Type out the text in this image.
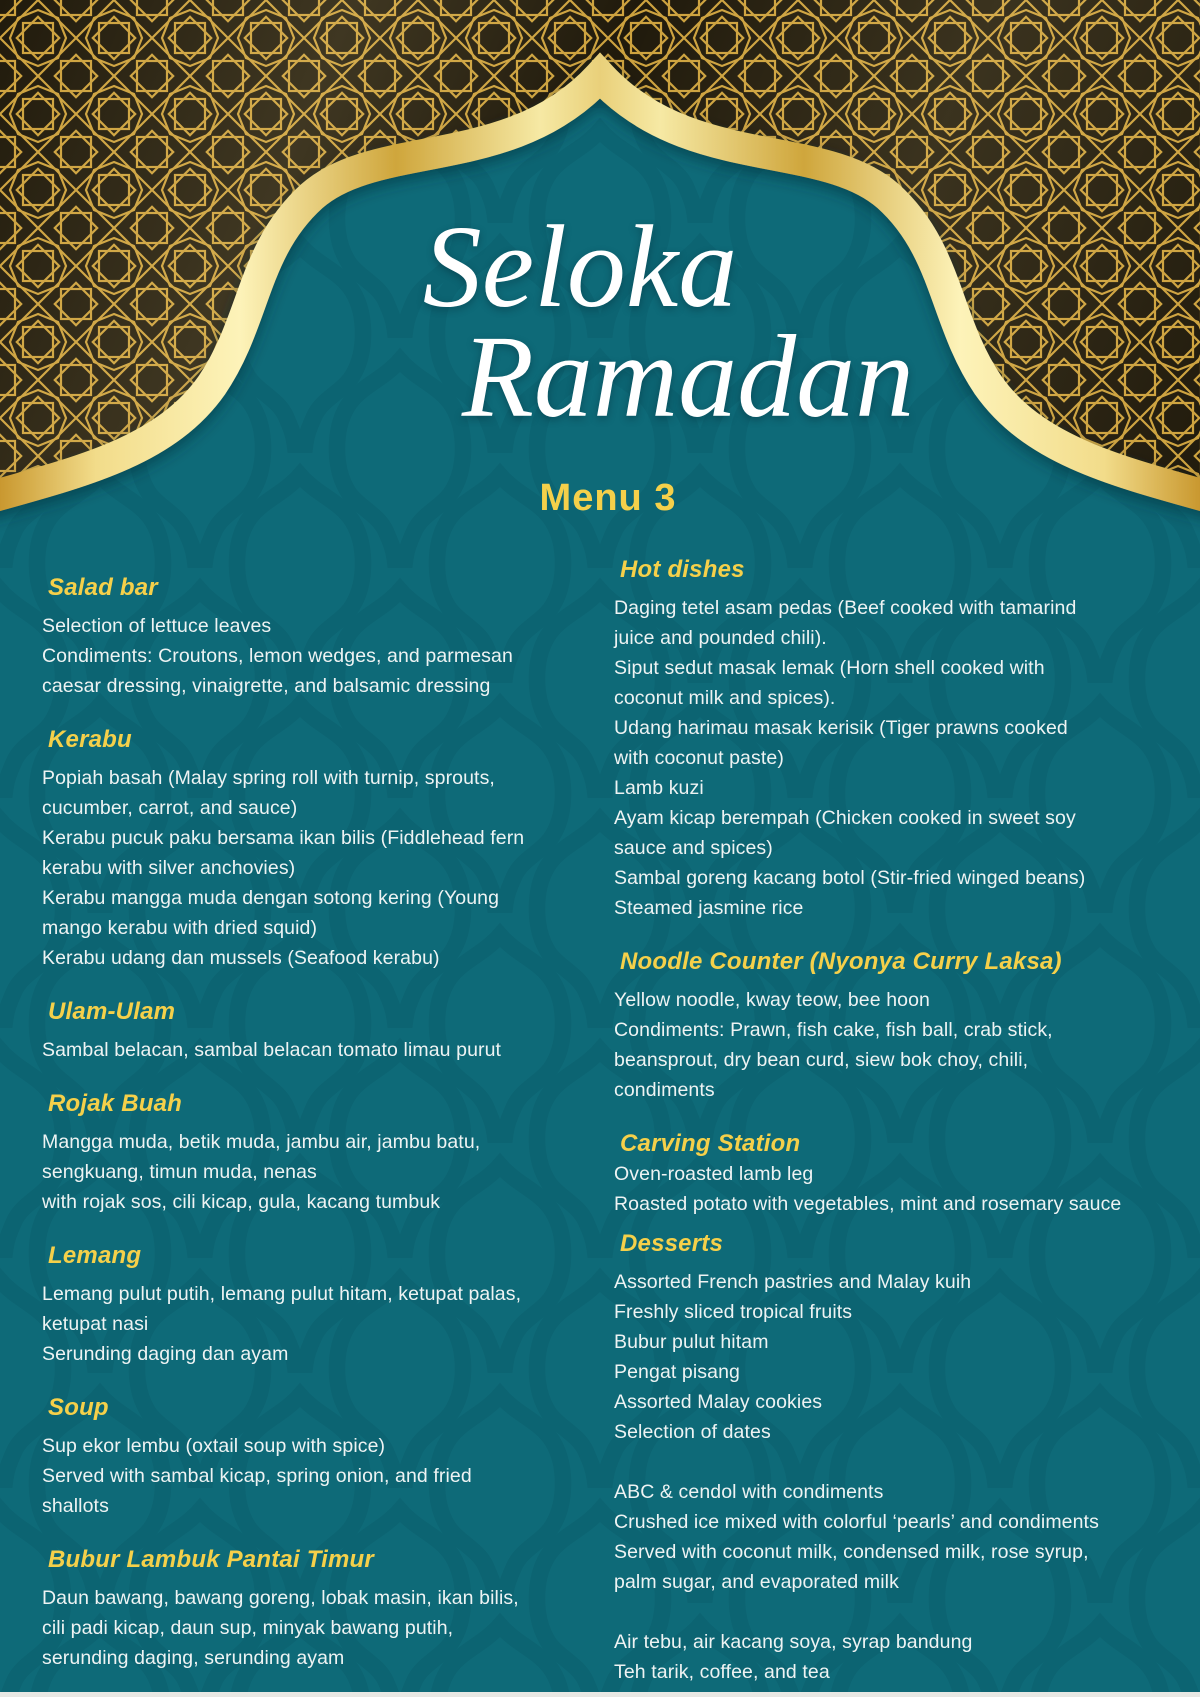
Seloka
Ramadan
Menu 3
Salad bar
Selection of lettuce leaves
Condiments: Croutons, lemon wedges, and parmesan
caesar dressing, vinaigrette, and balsamic dressing
Kerabu
Popiah basah (Malay spring roll with turnip, sprouts,
cucumber, carrot, and sauce)
Kerabu pucuk paku bersama ikan bilis (Fiddlehead fern
kerabu with silver anchovies)
Kerabu mangga muda dengan sotong kering (Young
mango kerabu with dried squid)
Kerabu udang dan mussels (Seafood kerabu)
Ulam-Ulam
Sambal belacan, sambal belacan tomato limau purut
Rojak Buah
Mangga muda, betik muda, jambu air, jambu batu,
sengkuang, timun muda, nenas
with rojak sos, cili kicap, gula, kacang tumbuk
Lemang
Lemang pulut putih, lemang pulut hitam, ketupat palas,
ketupat nasi
Serunding daging dan ayam
Soup
Sup ekor lembu (oxtail soup with spice)
Served with sambal kicap, spring onion, and fried
shallots
Bubur Lambuk Pantai Timur
Daun bawang, bawang goreng, lobak masin, ikan bilis,
cili padi kicap, daun sup, minyak bawang putih,
serunding daging, serunding ayam
Hot dishes
Daging tetel asam pedas (Beef cooked with tamarind
juice and pounded chili).
Siput sedut masak lemak (Horn shell cooked with
coconut milk and spices).
Udang harimau masak kerisik (Tiger prawns cooked
with coconut paste)
Lamb kuzi
Ayam kicap berempah (Chicken cooked in sweet soy
sauce and spices)
Sambal goreng kacang botol (Stir-fried winged beans)
Steamed jasmine rice
Noodle Counter (Nyonya Curry Laksa)
Yellow noodle, kway teow, bee hoon
Condiments: Prawn, fish cake, fish ball, crab stick,
beansprout, dry bean curd, siew bok choy, chili,
condiments
Carving Station
Oven-roasted lamb leg
Roasted potato with vegetables, mint and rosemary sauce
Desserts
Assorted French pastries and Malay kuih
Freshly sliced tropical fruits
Bubur pulut hitam
Pengat pisang
Assorted Malay cookies
Selection of dates

ABC & cendol with condiments
Crushed ice mixed with colorful ‘pearls’ and condiments
Served with coconut milk, condensed milk, rose syrup,
palm sugar, and evaporated milk

Air tebu, air kacang soya, syrap bandung
Teh tarik, coffee, and tea
